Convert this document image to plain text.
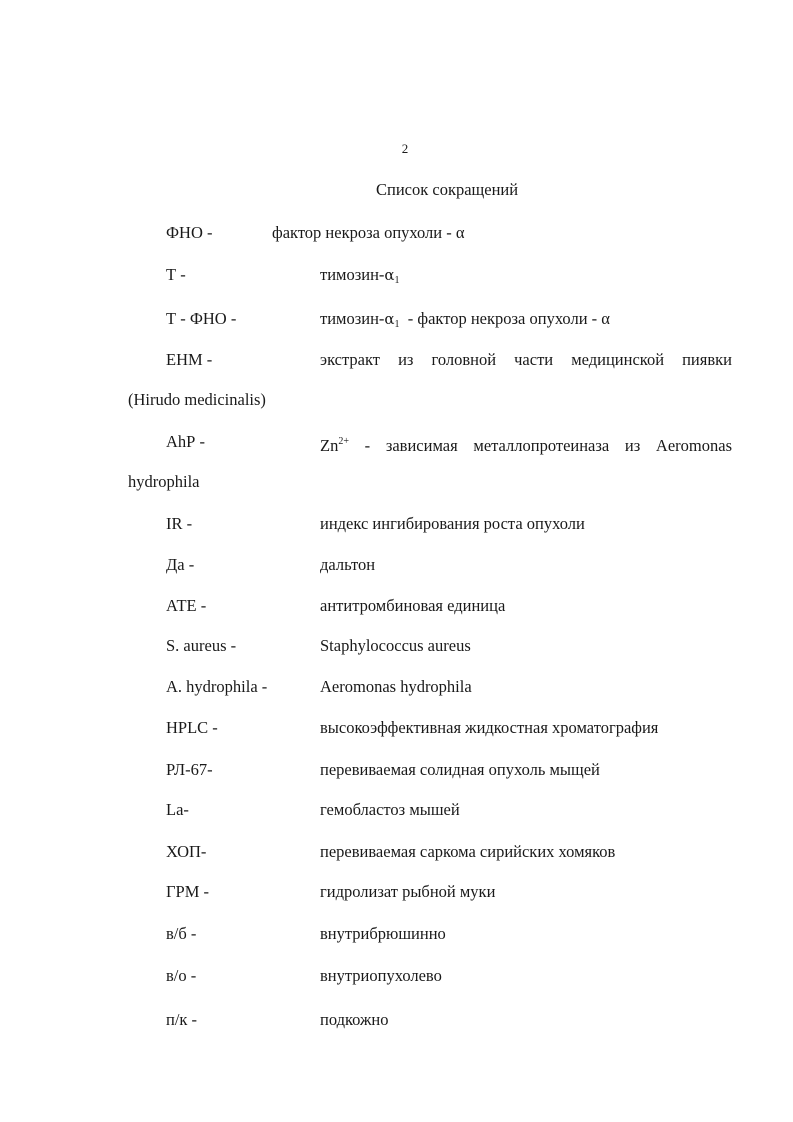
2
Список сокращений
ФНО -	фактор некроза опухоли - α
Т -	тимозин-$\alpha_1$
Т - ФНО -	тимозин-$\alpha_1$  - фактор некроза опухоли - α
ЕНМ -	экстракт из головной части медицинской пиявки
(Hirudo medicinalis)
АhР -	$Zn^{2+}$ - зависимая металлопротеиназа из Aeromonas
hydrophila
IR -	индекс ингибирования роста опухоли
Да -	дальтон
АТЕ -	антитромбиновая единица
S. aureus -	Staphylococcus aureus
A. hydrophila -	Aeromonas hydrophila
HPLC -	высокоэффективная жидкостная хроматография
РЛ-67-	перевиваемая солидная опухоль мыщей
La-	гемобластоз мышей
ХОП-	перевиваемая саркома сирийских хомяков
ГРМ -	гидролизат рыбной муки
в/б -	внутрибрюшинно
в/о -	внутриопухолево
п/к -	подкожно
